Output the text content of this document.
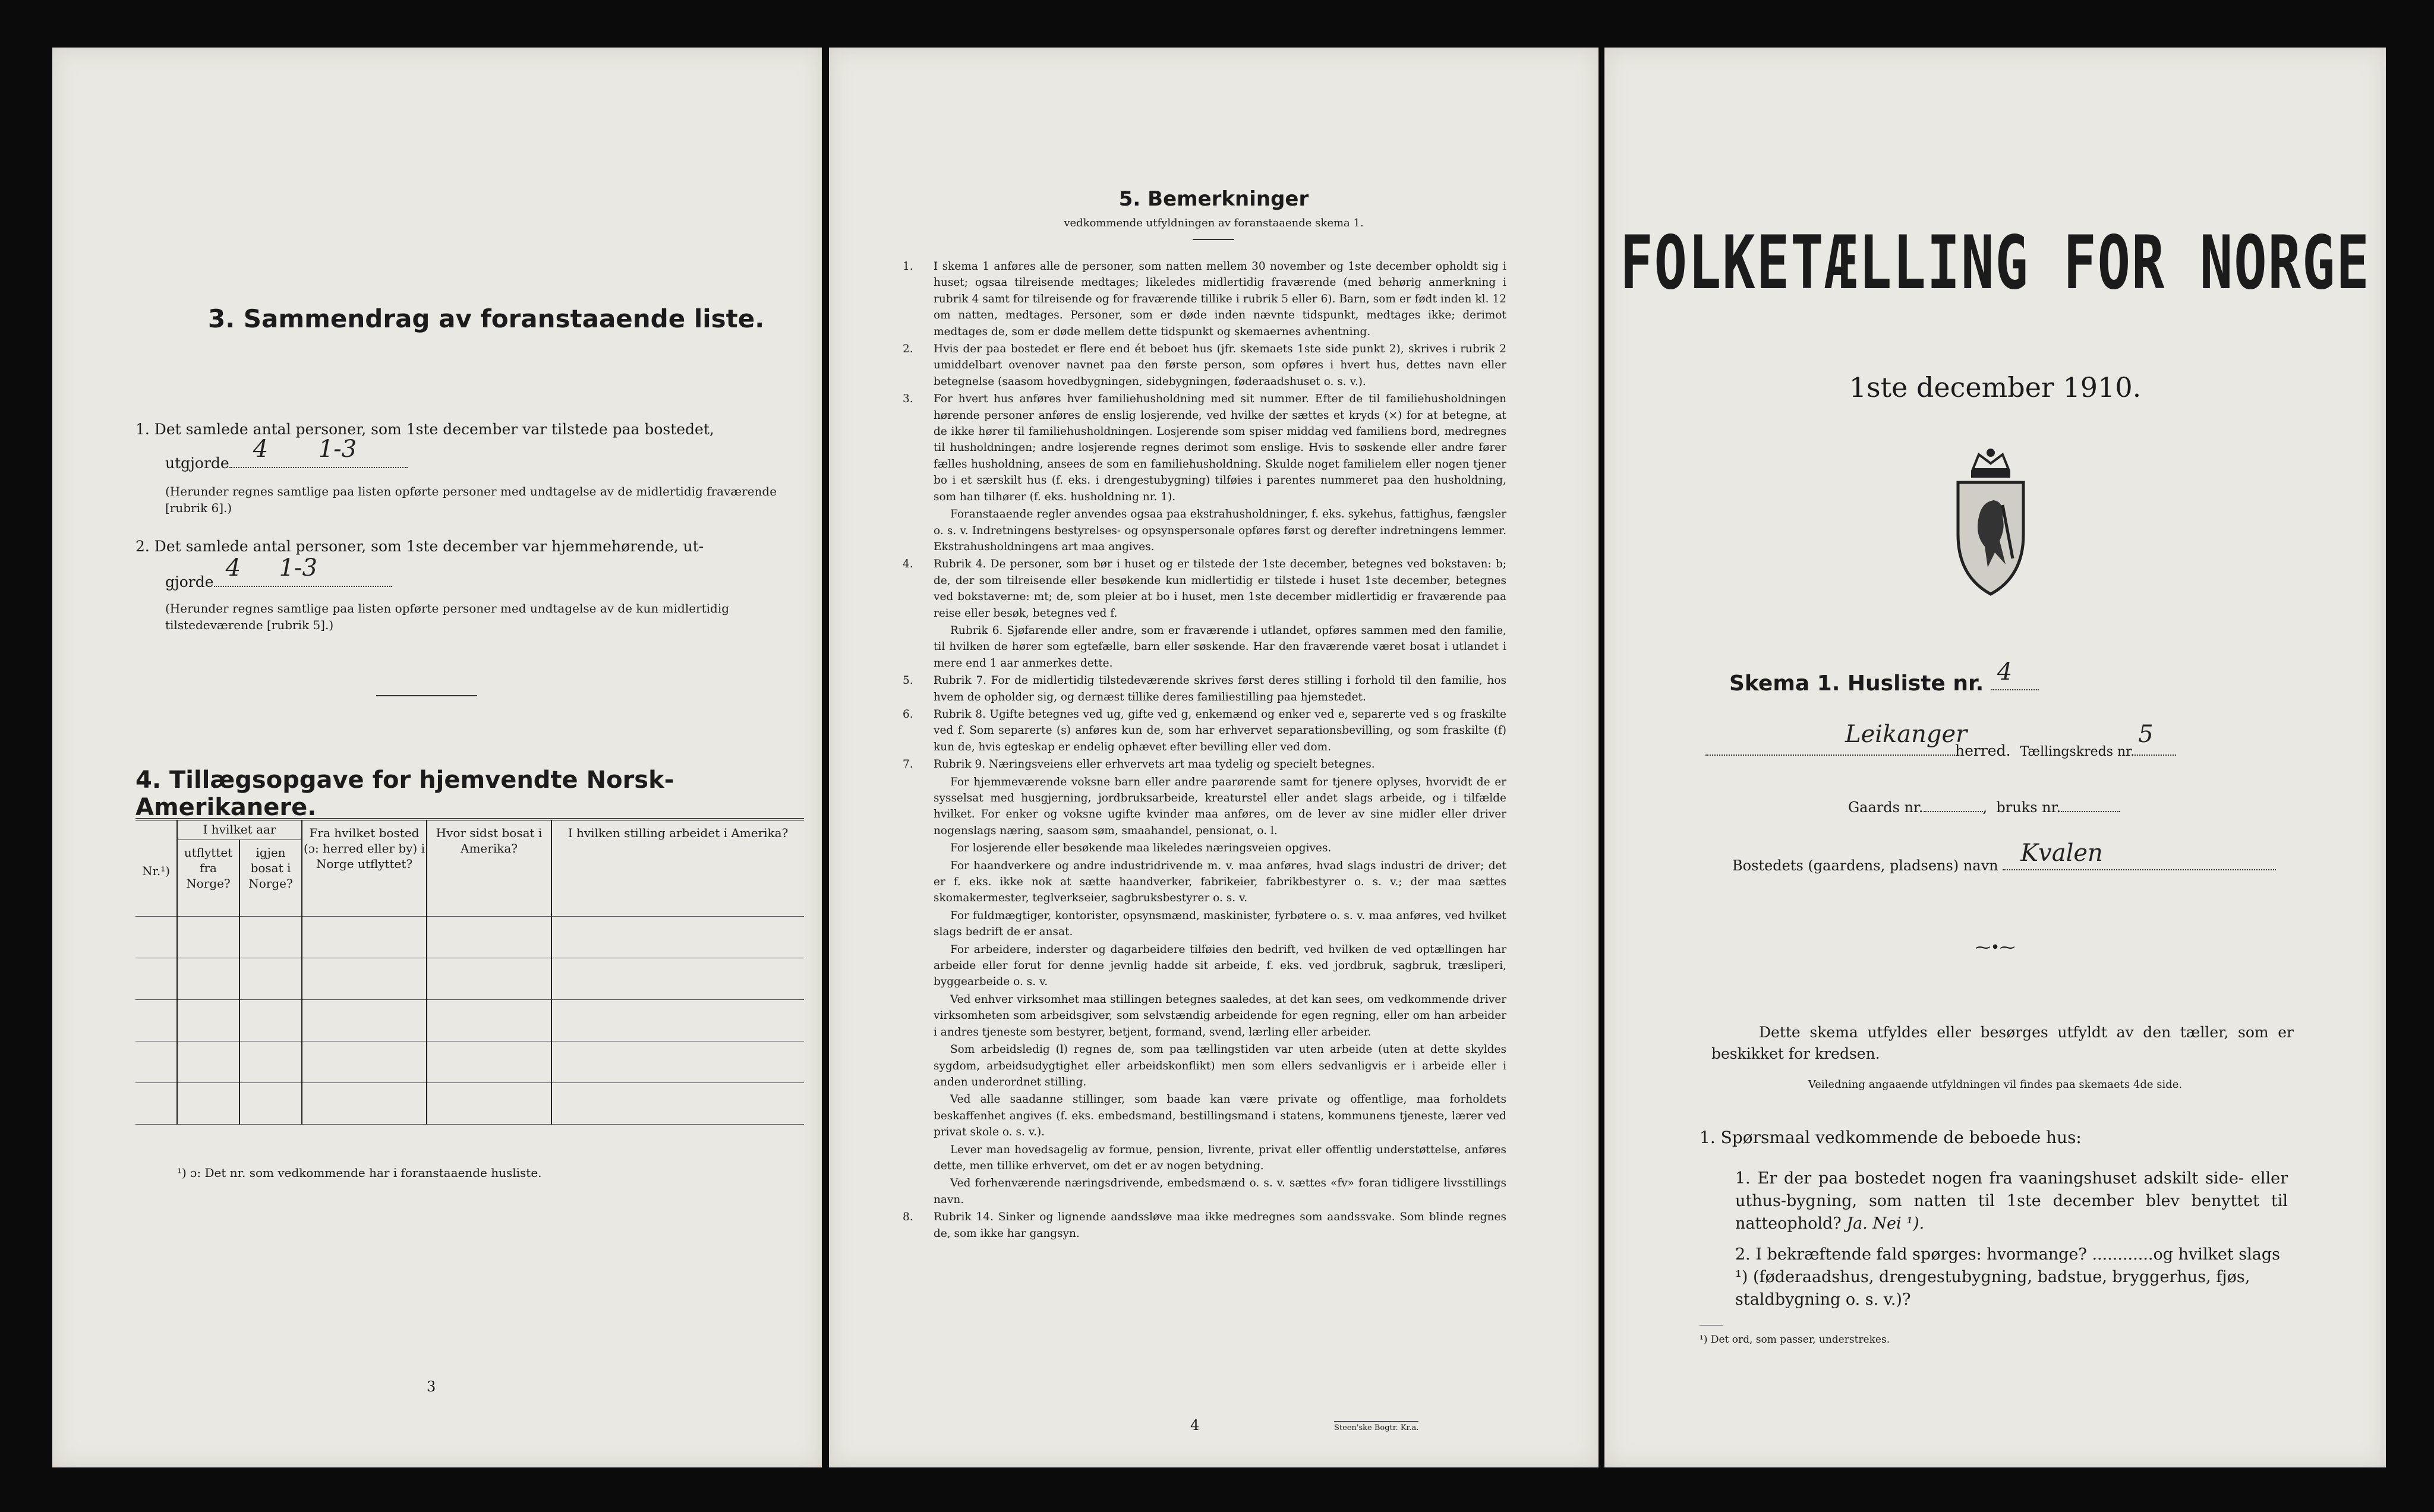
3. Sammendrag av foranstaaende liste.
1. Det samlede antal personer, som 1ste december var tilstede paa bostedet,
utgjorde
4 1-3
(Herunder regnes samtlige paa listen opførte personer med undtagelse av de midlertidig fraværende [rubrik 6].)
2. Det samlede antal personer, som 1ste december var hjemmehørende, ut-
gjorde
4 1-3
(Herunder regnes samtlige paa listen opførte personer med undtagelse av de kun midlertidig tilstedeværende [rubrik 5].)
4. Tillægsopgave for hjemvendte Norsk-Amerikanere.
Nr.¹)	I hvilket aar		Fra hvilket bosted (ɔ: herred eller by) i Norge utflyttet?	Hvor sidst bosat i Amerika?	I hvilken stilling arbeidet i Amerika?
	utflyttet fra Norge?	igjen bosat i Norge?			

¹) ɔ: Det nr. som vedkommende har i foranstaaende husliste.
3
5. Bemerkninger
vedkommende utfyldningen av foranstaaende skema 1.

1. I skema 1 anføres alle de personer, som natten mellem 30 november og 1ste december opholdt sig i huset; ogsaa tilreisende medtages; likeledes midlertidig fraværende (med behørig anmerkning i rubrik 4 samt for tilreisende og for fraværende tillike i rubrik 5 eller 6). Barn, som er født inden kl. 12 om natten, medtages. Personer, som er døde inden nævnte tidspunkt, medtages ikke; derimot medtages de, som er døde mellem dette tidspunkt og skemaernes avhentning.

2. Hvis der paa bostedet er flere end ét beboet hus (jfr. skemaets 1ste side punkt 2), skrives i rubrik 2 umiddelbart ovenover navnet paa den første person, som opføres i hvert hus, dettes navn eller betegnelse (saasom hovedbygningen, sidebygningen, føderaadshuset o. s. v.).

3. For hvert hus anføres hver familiehusholdning med sit nummer. Efter de til familiehusholdningen hørende personer anføres de enslig losjerende, ved hvilke der sættes et kryds (×) for at betegne, at de ikke hører til familiehusholdningen. Losjerende som spiser middag ved familiens bord, medregnes til husholdningen; andre losjerende regnes derimot som enslige. Hvis to søskende eller andre fører fælles husholdning, ansees de som en familiehusholdning. Skulde noget familielem eller nogen tjener bo i et særskilt hus (f. eks. i drengestubygning) tilføies i parentes nummeret paa den husholdning, som han tilhører (f. eks. husholdning nr. 1).

Foranstaaende regler anvendes ogsaa paa ekstrahusholdninger, f. eks. sykehus, fattighus, fængsler o. s. v. Indretningens bestyrelses- og opsynspersonale opføres først og derefter indretningens lemmer. Ekstrahusholdningens art maa angives.

4. Rubrik 4. De personer, som bør i huset og er tilstede der 1ste december, betegnes ved bokstaven: b; de, der som tilreisende eller besøkende kun midlertidig er tilstede i huset 1ste december, betegnes ved bokstaverne: mt; de, som pleier at bo i huset, men 1ste december midlertidig er fraværende paa reise eller besøk, betegnes ved f.

Rubrik 6. Sjøfarende eller andre, som er fraværende i utlandet, opføres sammen med den familie, til hvilken de hører som egtefælle, barn eller søskende. Har den fraværende været bosat i utlandet i mere end 1 aar anmerkes dette.

5. Rubrik 7. For de midlertidig tilstedeværende skrives først deres stilling i forhold til den familie, hos hvem de opholder sig, og dernæst tillike deres familiestilling paa hjemstedet.

6. Rubrik 8. Ugifte betegnes ved ug, gifte ved g, enkemænd og enker ved e, separerte ved s og fraskilte ved f. Som separerte (s) anføres kun de, som har erhvervet separationsbevilling, og som fraskilte (f) kun de, hvis egteskap er endelig ophævet efter bevilling eller ved dom.

7. Rubrik 9. Næringsveiens eller erhvervets art maa tydelig og specielt betegnes.

For hjemmeværende voksne barn eller andre paarørende samt for tjenere oplyses, hvorvidt de er sysselsat med husgjerning, jordbruksarbeide, kreaturstel eller andet slags arbeide, og i tilfælde hvilket. For enker og voksne ugifte kvinder maa anføres, om de lever av sine midler eller driver nogenslags næring, saasom søm, smaahandel, pensionat, o. l.

For losjerende eller besøkende maa likeledes næringsveien opgives.

For haandverkere og andre industridrivende m. v. maa anføres, hvad slags industri de driver; det er f. eks. ikke nok at sætte haandverker, fabrikeier, fabrikbestyrer o. s. v.; der maa sættes skomakermester, teglverkseier, sagbruksbestyrer o. s. v.

For fuldmægtiger, kontorister, opsynsmænd, maskinister, fyrbøtere o. s. v. maa anføres, ved hvilket slags bedrift de er ansat.

For arbeidere, inderster og dagarbeidere tilføies den bedrift, ved hvilken de ved optællingen har arbeide eller forut for denne jevnlig hadde sit arbeide, f. eks. ved jordbruk, sagbruk, træsliperi, byggearbeide o. s. v.

Ved enhver virksomhet maa stillingen betegnes saaledes, at det kan sees, om vedkommende driver virksomheten som arbeidsgiver, som selvstændig arbeidende for egen regning, eller om han arbeider i andres tjeneste som bestyrer, betjent, formand, svend, lærling eller arbeider.

Som arbeidsledig (l) regnes de, som paa tællingstiden var uten arbeide (uten at dette skyldes sygdom, arbeidsudygtighet eller arbeidskonflikt) men som ellers sedvanligvis er i arbeide eller i anden underordnet stilling.

Ved alle saadanne stillinger, som baade kan være private og offentlige, maa forholdets beskaffenhet angives (f. eks. embedsmand, bestillingsmand i statens, kommunens tjeneste, lærer ved privat skole o. s. v.).

Lever man hovedsagelig av formue, pension, livrente, privat eller offentlig understøttelse, anføres dette, men tillike erhvervet, om det er av nogen betydning.

Ved forhenværende næringsdrivende, embedsmænd o. s. v. sættes «fv» foran tidligere livsstillings navn.

8. Rubrik 14. Sinker og lignende aandssløve maa ikke medregnes som aandssvake. Som blinde regnes de, som ikke har gangsyn.

4	Steen'ske Bogtr. Kr.a.
FOLKETÆLLING FOR NORGE
1ste december 1910.
Skema 1. Husliste nr. 4
Leikanger
herred. Tællingskreds nr.
5
Gaards nr.	,  bruks nr.
Bostedets (gaardens, pladsens) navn Kvalen
⁓•⁓
Dette skema utfyldes eller besørges utfyldt av den tæller, som er beskikket for kredsen.
Veiledning angaaende utfyldningen vil findes paa skemaets 4de side.
1. Spørsmaal vedkommende de beboede hus:
1. Er der paa bostedet nogen fra vaaningshuset adskilt side- eller uthus-bygning, som natten til 1ste december blev benyttet til natteophold? Ja. Nei ¹).
2. I bekræftende fald spørges: hvormange? ............og hvilket slags ¹) (føderaadshus, drengestubygning, badstue, bryggerhus, fjøs, staldbygning o. s. v.)?
¹) Det ord, som passer, understrekes.
